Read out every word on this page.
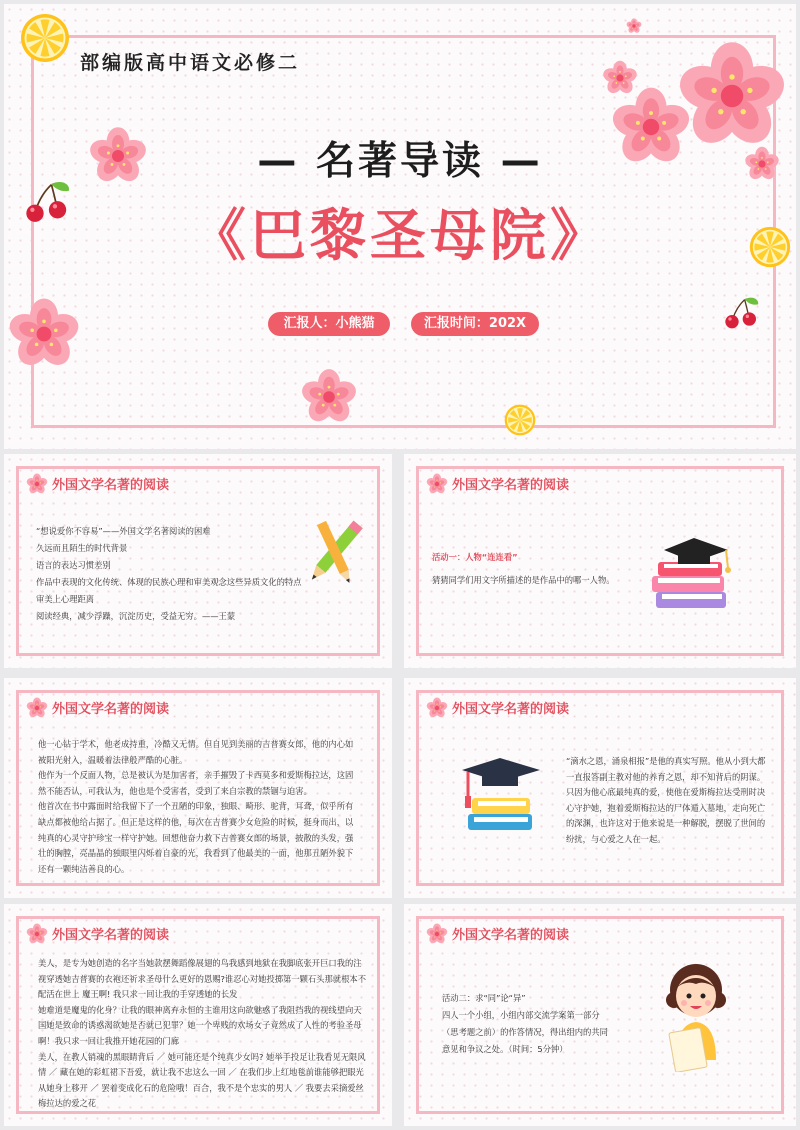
部编版高中语文必修二
— 名著导读 —
《巴黎圣母院》
汇报人：小熊猫	汇报时间：202X
外国文学名著的阅读

“想说爱你不容易”——外国文学名著阅读的困难

久远而且陌生的时代背景

语言的表达习惯差别

作品中表现的文化传统、体现的民族心理和审美观念这些异质文化的特点

审美上心理距离

阅读经典，减少浮躁，沉淀历史，受益无穷。——王蒙

外国文学名著的阅读
活动一：人物“连连看”
猜猜同学们用文字所描述的是作品中的哪一人物。
外国文学名著的阅读

他一心钻于学术，他老成持重，冷酷又无情。但自见到美丽的吉普赛女郎，他的内心如被阳光射入，温暖着法律般严酷的心脏。

他作为一个反面人物，总是被认为是加害者，亲手摧毁了卡西莫多和爱斯梅拉达，这固然不能否认，可我认为，他也是个受害者，受到了来自宗教的禁锢与迫害。

他首次在书中露面时给我留下了一个丑陋的印象，独眼、畸形、驼背，耳聋，似乎所有缺点都被他给占据了。但正是这样的他，每次在吉普赛少女危险的时候，挺身而出，以纯真的心灵守护珍宝一样守护她。回想他奋力救下吉普赛女郎的场景，披散的头发，强壮的胸膛，亮晶晶的独眼里闪烁着自豪的光，我看到了他最美的一面，他那丑陋外貌下还有一颗纯洁善良的心。

外国文学名著的阅读
“滴水之恩，涌泉相报”是他的真实写照。他从小到大都一直报答副主教对他的养育之恩，却不知背后的阴谋。只因为他心底最纯真的爱，使他在爱斯梅拉达受刑时决心守护她，抱着爱斯梅拉达的尸体遁入墓地，走向死亡的深渊，也许这对于他来说是一种解脱，摆脱了世间的纷扰，与心爱之人在一起。
外国文学名著的阅读

美人，是专为她创造的名字当她款摆舞蹈像展翅的鸟我感到地狱在我脚底张开巨口我的注视穿透她吉普赛的衣袍还祈求圣母什么更好的恩赐?谁忍心对她投掷第一颗石头那就根本不配活在世上 魔王啊! 我只求一回让我的手穿透她的长发

她难道是魔鬼的化身？让我的眼神离弃永恒的主谁用这向欲魅惑了我阻挡我的视线望向天国她是致命的诱惑渴欲她是否就已犯罪？她一个卑贱的欢场女子竟然成了人性的考验圣母啊！我只求一回让我推开她花园的门廊

美人，在教人销魂的黑眼睛背后 ／ 她可能还是个纯真少女吗? 她举手投足让我看见无限风情 ／ 藏在她的彩虹裙下吾爱，就让我不忠这么一回 ／ 在我们步上红地毯前谁能够把眼光从她身上移开 ／ 罢着变成化石的危险哦！百合，我不是个忠实的男人 ／ 我要去采摘爱丝梅拉达的爱之花

外国文学名著的阅读

活动二：求“同”论“异”

四人一个小组，小组内部交流学案第一部分

（思考题之前）的作答情况，得出组内的共同

意见和争议之处。（时间：5分钟）
